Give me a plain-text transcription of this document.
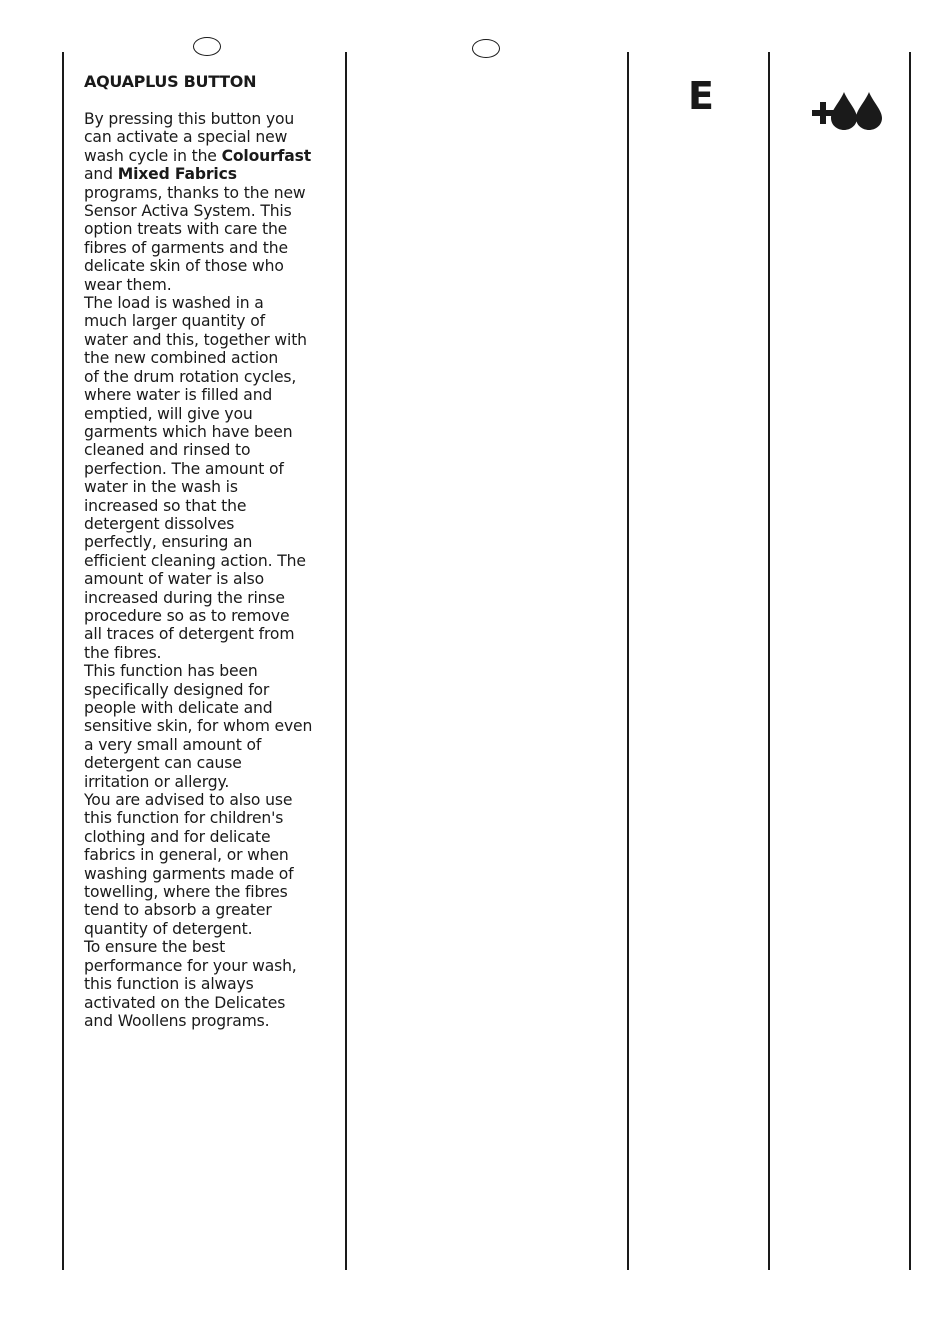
AQUAPLUS BUTTON
By pressing this button you
can activate a special new
wash cycle in the Colourfast
and Mixed Fabrics
programs, thanks to the new
Sensor Activa System. This
option treats with care the
fibres of garments and the
delicate skin of those who
wear them.
The load is washed in a
much larger quantity of
water and this, together with
the new combined action
of the drum rotation cycles,
where water is filled and
emptied, will give you
garments which have been
cleaned and rinsed to
perfection. The amount of
water in the wash is
increased so that the
detergent dissolves
perfectly, ensuring an
efficient cleaning action. The
amount of water is also
increased during the rinse
procedure so as to remove
all traces of detergent from
the fibres.
This function has been
specifically designed for
people with delicate and
sensitive skin, for whom even
a very small amount of
detergent can cause
irritation or allergy.
You are advised to also use
this function for children's
clothing and for delicate
fabrics in general, or when
washing garments made of
towelling, where the fibres
tend to absorb a greater
quantity of detergent.
To ensure the best
performance for your wash,
this function is always
activated on the Delicates
and Woollens programs.
E
